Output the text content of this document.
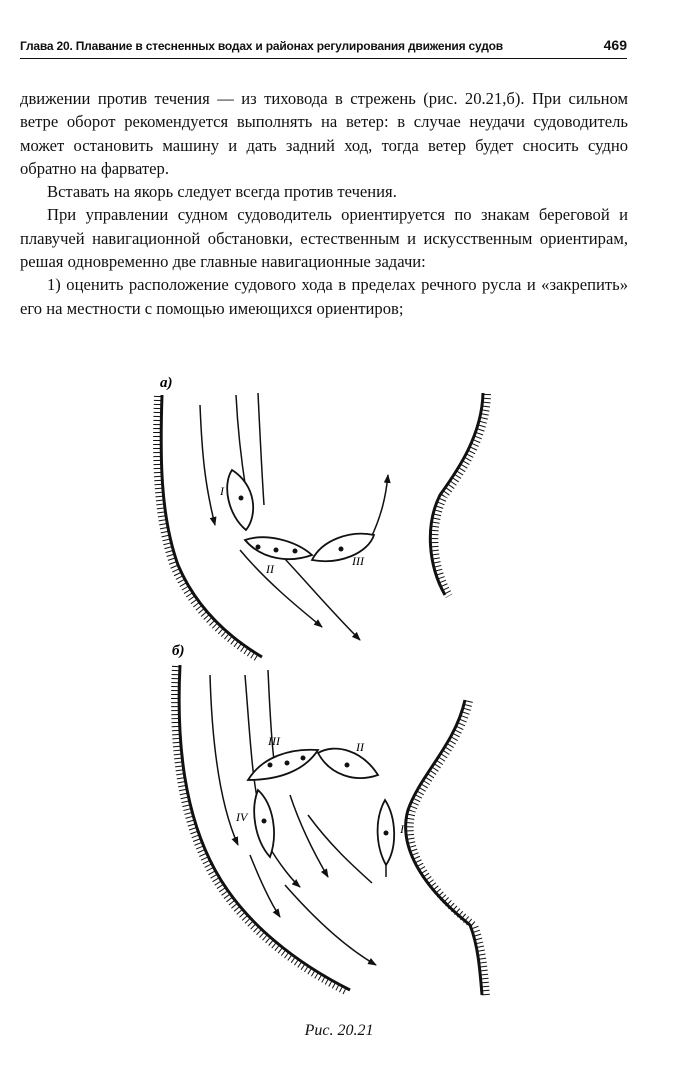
Глава 20. Плавание в стесненных водах и районах регулирования движения судов	469

движении против течения — из тиховода в стрежень (рис. 20.21,б). При сильном ветре оборот рекомендуется выполнять на ветер: в случае неудачи судоводитель может остановить машину и дать задний ход, тогда ветер будет сносить судно обратно на фарватер.

Вставать на якорь следует всегда против течения.

При управлении судном судоводитель ориентируется по знакам береговой и плавучей навигационной обстановки, естественным и искусственным ориентирам, решая одновременно две главные навигационные задачи:

1) оценить расположение судового хода в пределах речного русла и «закрепить» его на местности с помощью имеющихся ориентиров;

а)
I
II
III
б)
III	II
IV
I
Рис. 20.21
